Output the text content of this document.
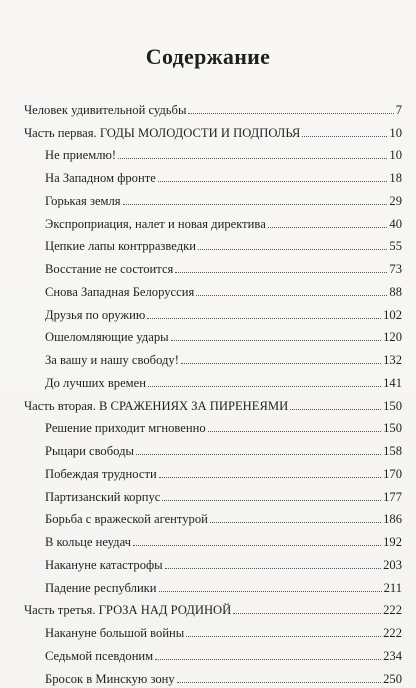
Содержание
Человек удивительной судьбы	7
Часть первая. ГОДЫ МОЛОДОСТИ И ПОДПОЛЬЯ	10
Не приемлю!	10
На Западном фронте	18
Горькая земля	29
Экспроприация, налет и новая директива	40
Цепкие лапы контрразведки	55
Восстание не состоится	73
Снова Западная Белоруссия	88
Друзья по оружию	102
Ошеломляющие удары	120
За вашу и нашу свободу!	132
До лучших времен	141
Часть вторая. В СРАЖЕНИЯХ ЗА ПИРЕНЕЯМИ	150
Решение приходит мгновенно	150
Рыцари свободы	158
Побеждая трудности	170
Партизанский корпус	177
Борьба с вражеской агентурой	186
В кольце неудач	192
Накануне катастрофы	203
Падение республики	211
Часть третья. ГРОЗА НАД РОДИНОЙ	222
Накануне большой войны	222
Седьмой псевдоним	234
Бросок в Минскую зону	250
